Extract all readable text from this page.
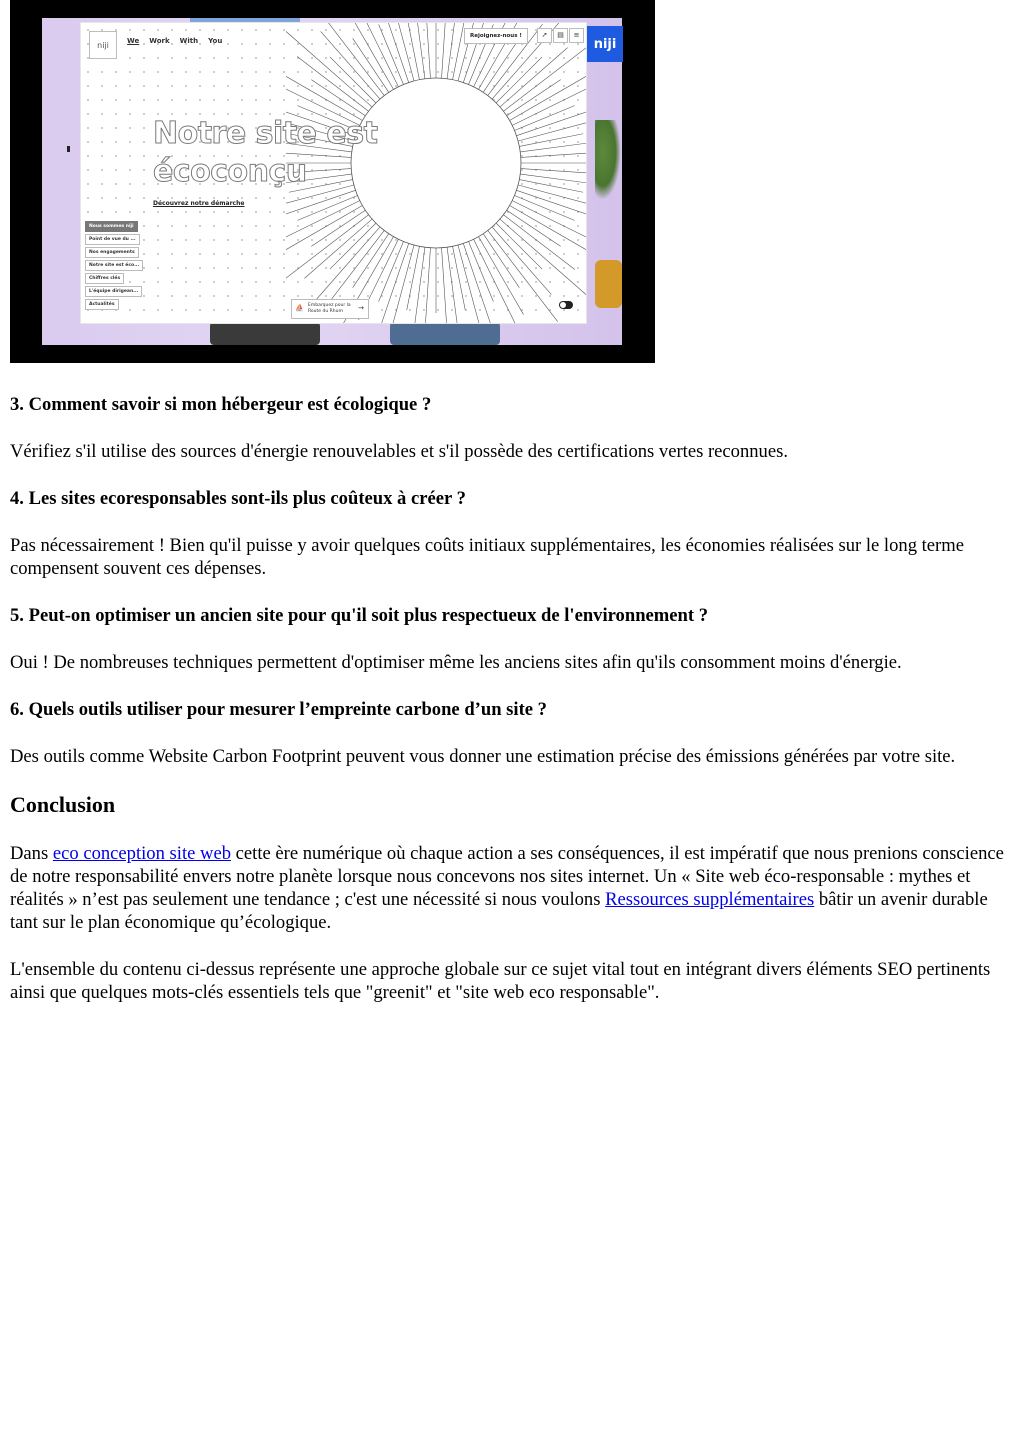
niji	We Work With You
Rejoignez-nous !	➚	▤	≡
Notre site est
écoconçu
Découvrez notre démarche
Nous sommes niji
Point de vue du ...
Nos engagements
Notre site est éco...
Chiffres clés
L'équipe dirigean...
Actualités	⛵ Embarquez pour la Route du Rhum	→
niji
3. Comment savoir si mon hébergeur est écologique ?

Vérifiez s'il utilise des sources d'énergie renouvelables et s'il possède des certifications vertes reconnues.

4. Les sites ecoresponsables sont-ils plus coûteux à créer ?

Pas nécessairement ! Bien qu'il puisse y avoir quelques coûts initiaux supplémentaires, les économies réalisées sur le long terme compensent souvent ces dépenses.

5. Peut-on optimiser un ancien site pour qu'il soit plus respectueux de l'environnement ?

Oui ! De nombreuses techniques permettent d'optimiser même les anciens sites afin qu'ils consomment moins d'énergie.

6. Quels outils utiliser pour mesurer l’empreinte carbone d’un site ?

Des outils comme Website Carbon Footprint peuvent vous donner une estimation précise des émissions générées par votre site.

Conclusion

Dans eco conception site web cette ère numérique où chaque action a ses conséquences, il est impératif que nous prenions conscience de notre responsabilité envers notre planète lorsque nous concevons nos sites internet. Un « Site web éco-responsable : mythes et réalités » n’est pas seulement une tendance ; c'est une nécessité si nous voulons Ressources supplémentaires bâtir un avenir durable tant sur le plan économique qu’écologique.

L'ensemble du contenu ci-dessus représente une approche globale sur ce sujet vital tout en intégrant divers éléments SEO pertinents ainsi que quelques mots-clés essentiels tels que "greenit" et "site web eco responsable".
